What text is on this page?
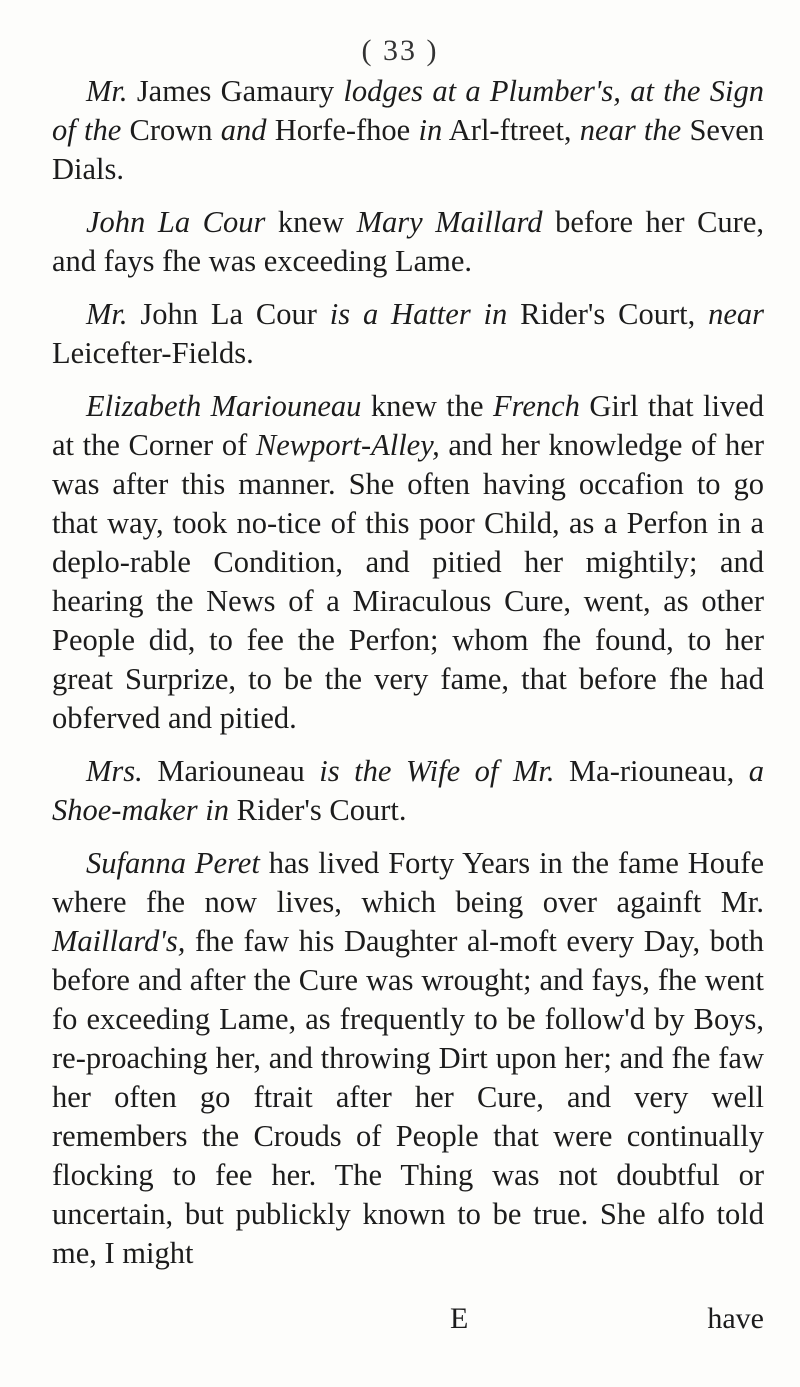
( 33 )

Mr. James Gamaury lodges at a Plumber's, at the Sign of the Crown and Horfe-fhoe in Arl-ftreet, near the Seven Dials.

John La Cour knew Mary Maillard before her Cure, and fays fhe was exceeding Lame.

Mr. John La Cour is a Hatter in Rider's Court, near Leicefter-Fields.

Elizabeth Mariouneau knew the French Girl that lived at the Corner of Newport-Alley, and her knowledge of her was after this manner. She often having occafion to go that way, took no-tice of this poor Child, as a Perfon in a deplo-rable Condition, and pitied her mightily; and hearing the News of a Miraculous Cure, went, as other People did, to fee the Perfon; whom fhe found, to her great Surprize, to be the very fame, that before fhe had obferved and pitied.

Mrs. Mariouneau is the Wife of Mr. Ma-riouneau, a Shoe-maker in Rider's Court.

Sufanna Peret has lived Forty Years in the fame Houfe where fhe now lives, which being over againft Mr. Maillard's, fhe faw his Daughter al-moft every Day, both before and after the Cure was wrought; and fays, fhe went fo exceeding Lame, as frequently to be follow'd by Boys, re-proaching her, and throwing Dirt upon her; and fhe faw her often go ftrait after her Cure, and very well remembers the Crouds of People that were continually flocking to fee her. The Thing was not doubtful or uncertain, but publickly known to be true. She alfo told me, I might

E	have
